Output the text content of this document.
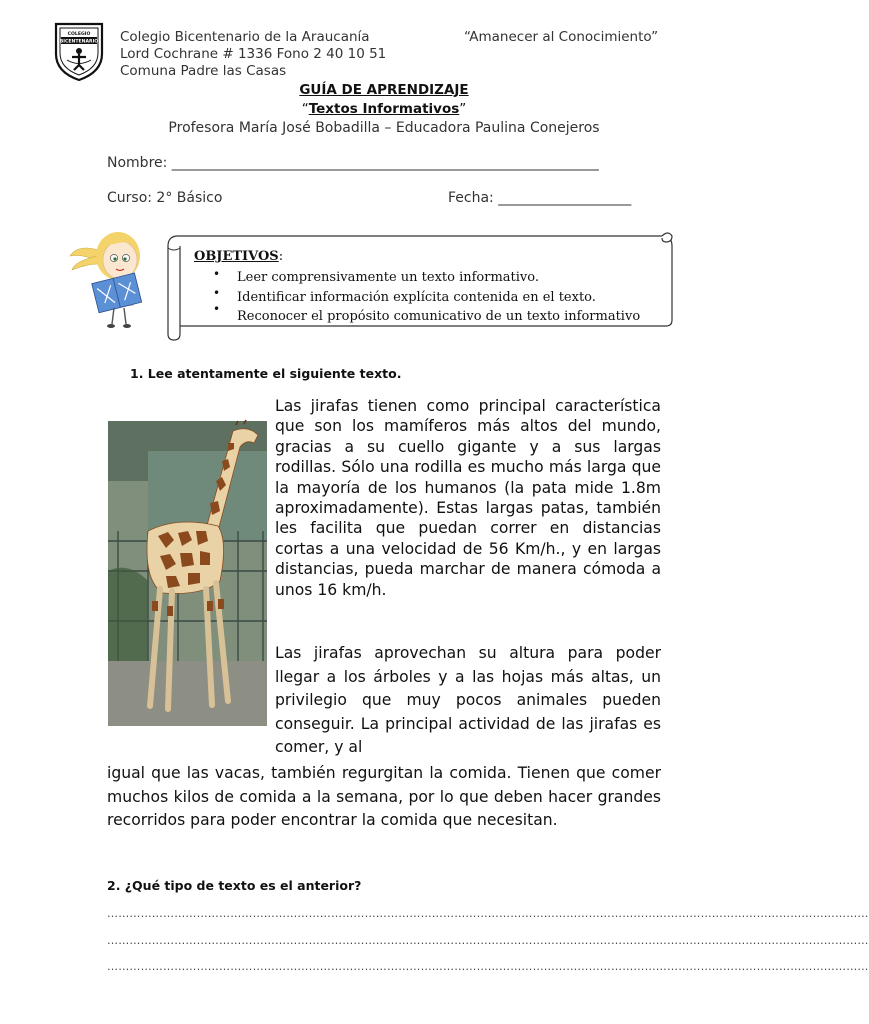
COLEGIO
BICENTENARIO Colegio Bicentenario de la Araucanía
Lord Cochrane # 1336 Fono 2 40 10 51
Comuna Padre las Casas
“Amanecer al Conocimiento”
GUÍA DE APRENDIZAJE
“Textos Informativos”
Profesora María José Bobadilla – Educadora Paulina Conejeros
Nombre: _____________________________________________________________
Curso: 2° Básico	Fecha: ___________________
OBJETIVOS:
• Leer comprensivamente un texto informativo.
• Identificar información explícita contenida en el texto.
• Reconocer el propósito comunicativo de un texto informativo
1. Lee atentamente el siguiente texto.
Las jirafas tienen como principal característica que son los mamíferos más altos del mundo, gracias a su cuello gigante y a sus largas rodillas. Sólo una rodilla es mucho más larga que la mayoría de los humanos (la pata mide 1.8m aproximadamente). Estas largas patas, también les facilita que puedan correr en distancias cortas a una velocidad de 56 Km/h., y en largas distancias, pueda marchar de manera cómoda a unos 16 km/h.
Las jirafas aprovechan su altura para poder llegar a los árboles y a las hojas más altas, un privilegio que muy pocos animales pueden conseguir. La principal actividad de las jirafas es comer, y al
igual que las vacas, también regurgitan la comida. Tienen que comer muchos kilos de comida a la semana, por lo que deben hacer grandes recorridos para poder encontrar la comida que necesitan.
2. ¿Qué tipo de texto es el anterior?
……………………………………………………………………………………………………………………………………………………………………………………
……………………………………………………………………………………………………………………………………………………………………………………
……………………………………………………………………………………………………………………………………………………………………………………
